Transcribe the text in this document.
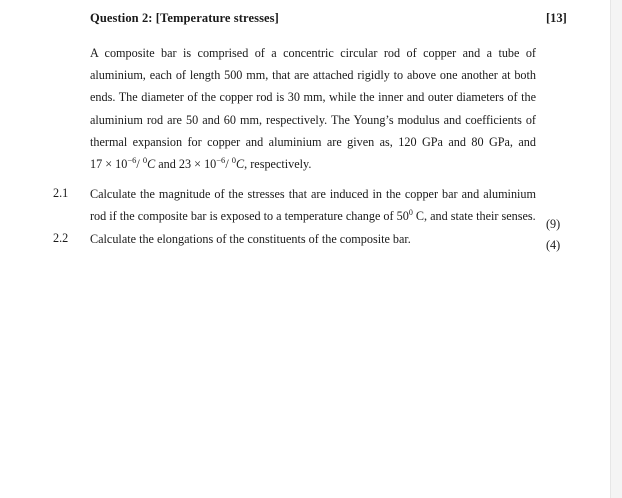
Question 2: [Temperature stresses]	[13]
A composite bar is comprised of a concentric circular rod of copper and a tube of
aluminium, each of length 500 mm, that are attached rigidly to above one another at both
ends. The diameter of the copper rod is 30 mm, while the inner and outer diameters of the
aluminium rod are 50 and 60 mm, respectively. The Young’s modulus and coefficients of
thermal expansion for copper and aluminium are given as, 120 GPa and 80 GPa, and
$17 \times 10^{-6}/$ $^0$C and $23 \times 10^{-6}/$ $^0$C, respectively.
2.1 Calculate the magnitude of the stresses that are induced in the copper bar and aluminium
rod if the composite bar is exposed to a temperature change of $50^0$ C, and state their senses.
(9)
2.2 Calculate the elongations of the constituents of the composite bar.	(4)
